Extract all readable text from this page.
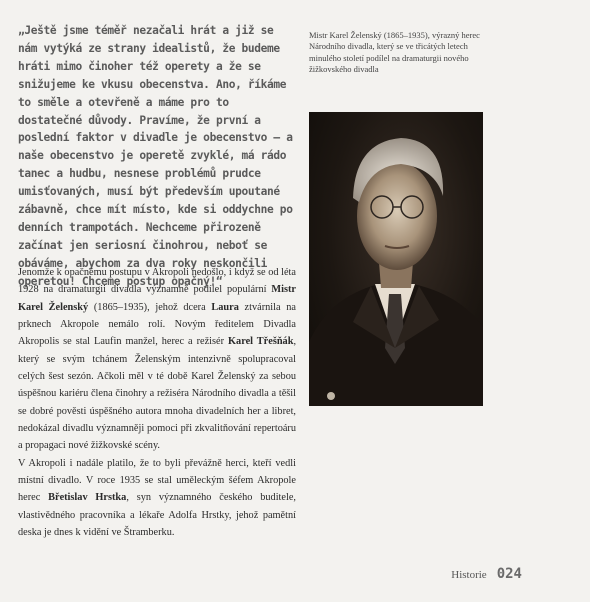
„Ještě jsme téměř nezačali hrát a již se nám vytýká ze strany idealistů, že budeme hráti mimo činoher též operety a že se snižujeme ke vkusu obecenstva. Ano, říkáme to směle a otevřeně a máme pro to dostatečné důvody. Pravíme, že první a poslední faktor v divadle je obecenstvo – a naše obecenstvo je operetě zvyklé, má rádo tanec a hudbu, nesnese problémů prudce umisťovaných, musí být především upoutané zábavně, chce mít místo, kde si oddychne po denních trampotách. Nechceme přirozeně začínat jen seriosní činohrou, neboť se obáváme, abychom za dva roky neskončili operetou! Chceme postup opačný!“

Mistr Karel Želenský (1865–1935), výrazný herec Národního divadla, který se ve třicátých letech minulého století podílel na dramaturgii nového žižkovského divadla

Jenomže k opačnému postupu v Akropoli nedošlo, i když se od léta 1928 na dramaturgii divadla významně podílel populární Mistr Karel Želenský (1865–1935), jehož dcera Laura ztvárnila na prknech Akropole nemálo rolí. Novým ředitelem Divadla Akropolis se stal Laufin manžel, herec a režisér Karel Třešňák, který se svým tchánem Želenským intenzivně spolupracoval celých šest sezón. Ačkoli měl v té době Karel Želenský za sebou úspěšnou kariéru člena činohry a režiséra Národního divadla a těšil se dobré pověsti úspěšného autora mnoha divadelních her a libret, nedokázal divadlu významněji pomoci při zkvalitňování repertoáru a propagaci nové žižkovské scény.

V Akropoli i nadále platilo, že to byli převážně herci, kteří vedli místní divadlo. V roce 1935 se stal uměleckým šéfem Akropole herec Břetislav Hrstka, syn významného českého buditele, vlastivědného pracovníka a lékaře Adolfa Hrstky, jehož pamětní deska je dnes k vidění ve Štramberku.

Historie 024
